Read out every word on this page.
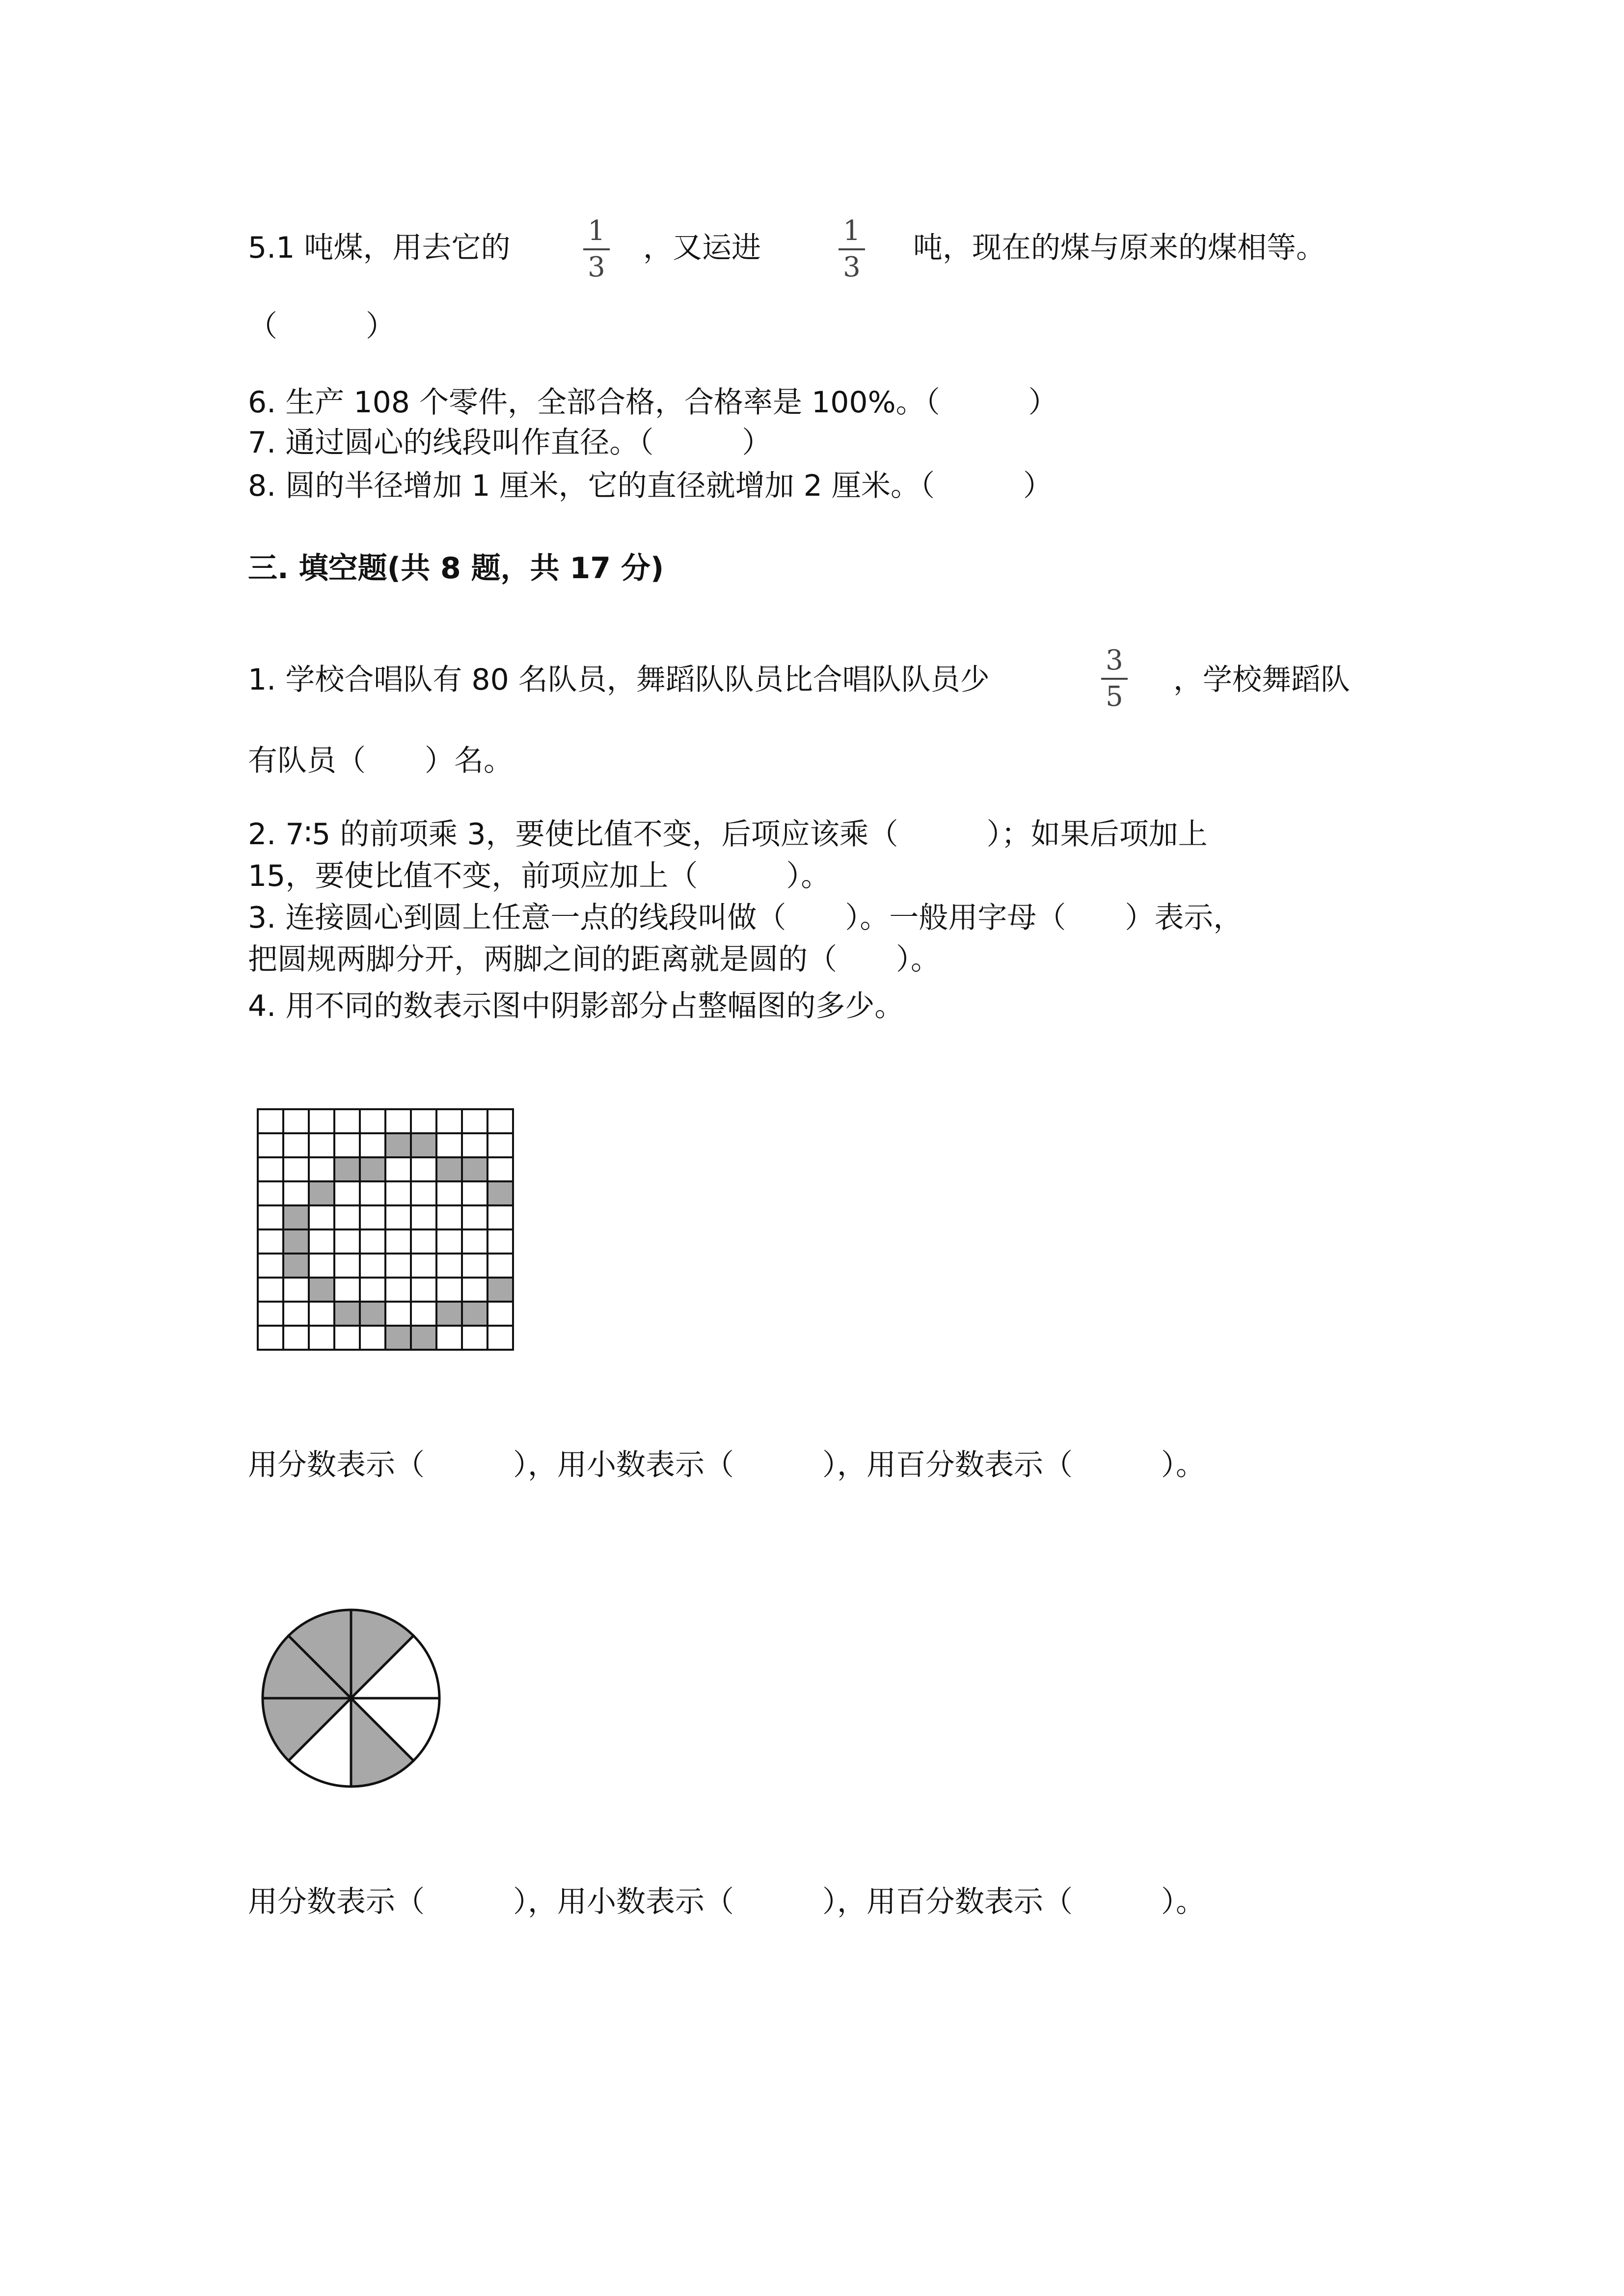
5.1 吨煤，用去它的	1
3
，又运进	1
3
吨，现在的煤与原来的煤相等。
（　　　）
6. 生产 108 个零件，全部合格，合格率是 100%。（　　　）
7. 通过圆心的线段叫作直径。（　　　）
8. 圆的半径增加 1 厘米，它的直径就增加 2 厘米。（　　　）
三. 填空题(共 8 题，共 17 分)
1. 学校合唱队有 80 名队员，舞蹈队队员比合唱队队员少
3
5 ，学校舞蹈队
有队员（　　）名。
2. 7∶5 的前项乘 3，要使比值不变，后项应该乘（　　　）；如果后项加上
15，要使比值不变，前项应加上（　　　）。
3. 连接圆心到圆上任意一点的线段叫做（　　）。一般用字母（　　）表示，
把圆规两脚分开，两脚之间的距离就是圆的（　　）。
4. 用不同的数表示图中阴影部分占整幅图的多少。
用分数表示（　　　），用小数表示（　　　），用百分数表示（　　　）。
用分数表示（　　　），用小数表示（　　　），用百分数表示（　　　）。
